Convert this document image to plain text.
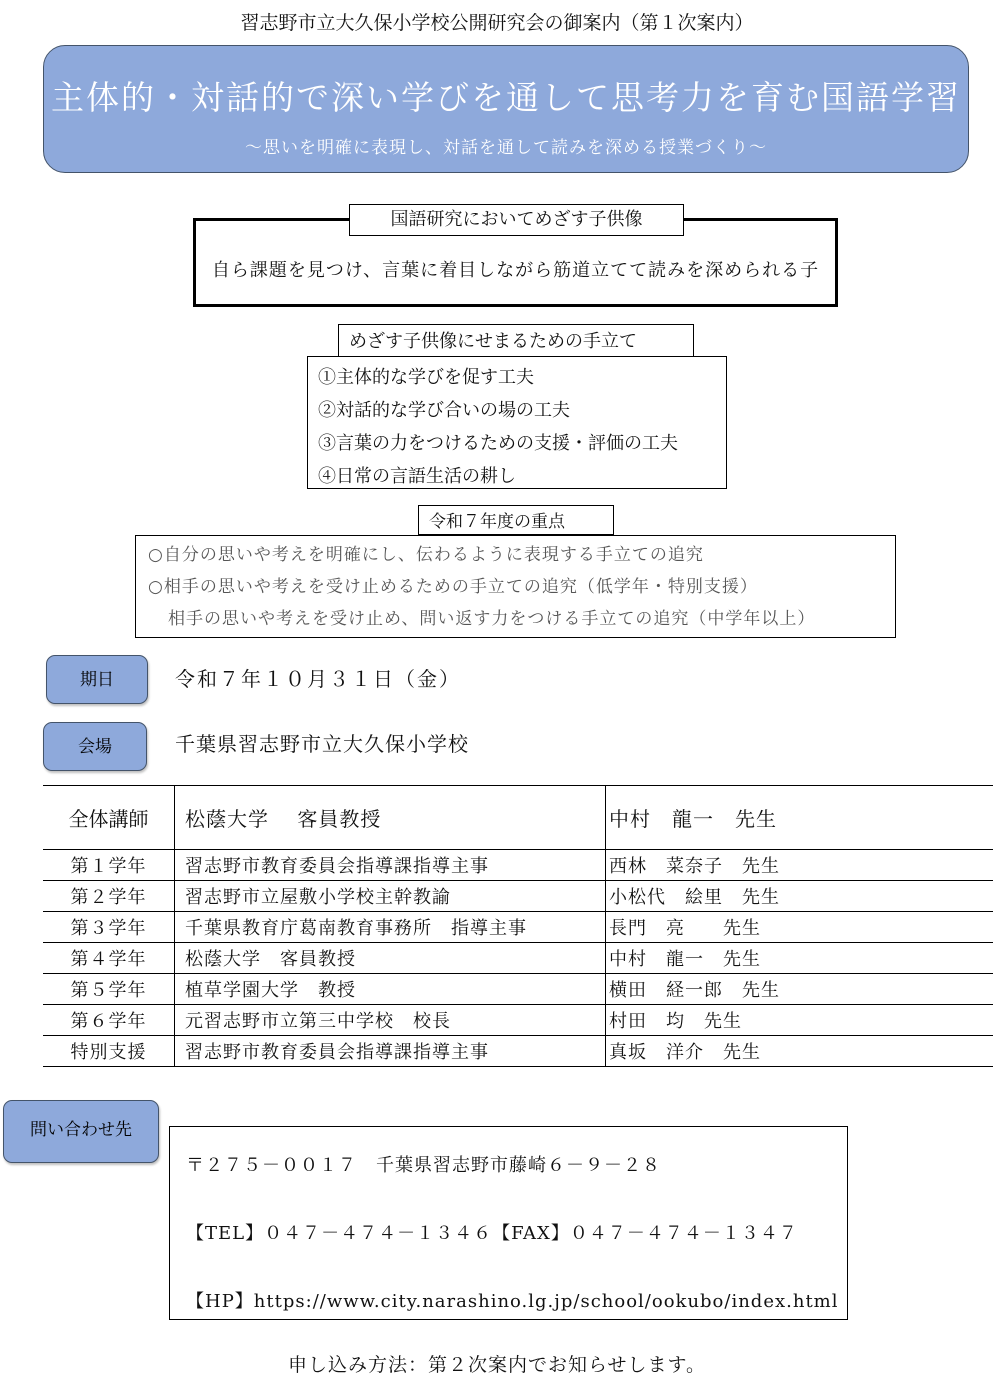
習志野市立大久保小学校公開研究会の御案内（第１次案内）
主体的・対話的で深い学びを通して思考力を育む国語学習
～思いを明確に表現し、対話を通して読みを深める授業づくり～
国語研究においてめざす子供像
自ら課題を見つけ、言葉に着目しながら筋道立てて読みを深められる子
めざす子供像にせまるための手立て
①主体的な学びを促す工夫
②対話的な学び合いの場の工夫
③言葉の力をつけるための支援・評価の工夫
④日常の言語生活の耕し
令和７年度の重点
○自分の思いや考えを明確にし、伝わるように表現する手立ての追究
○相手の思いや考えを受け止めるための手立ての追究（低学年・特別支援）
相手の思いや考えを受け止め、問い返す力をつける手立ての追究（中学年以上）
期日	令和７年１０月３１日（金）
会場	千葉県習志野市立大久保小学校
全体講師	松蔭大学　 客員教授	中村　龍一　先生
第１学年	習志野市教育委員会指導課指導主事	西林　菜奈子　先生
第２学年	習志野市立屋敷小学校主幹教諭	小松代　絵里　先生
第３学年	千葉県教育庁葛南教育事務所　指導主事	長門　亮　　先生
第４学年	松蔭大学　客員教授	中村　龍一　先生
第５学年	植草学園大学　教授	横田　経一郎　先生
第６学年	元習志野市立第三中学校　校長	村田　均　先生
特別支援	習志野市教育委員会指導課指導主事	真坂　洋介　先生
問い合わせ先
〒２７５－００１７　千葉県習志野市藤崎６－９－２８
【TEL】０４７－４７４－１３４６【FAX】０４７－４７４－１３４７
【HP】https://www.city.narashino.lg.jp/school/ookubo/index.html
申し込み方法：第２次案内でお知らせします。
